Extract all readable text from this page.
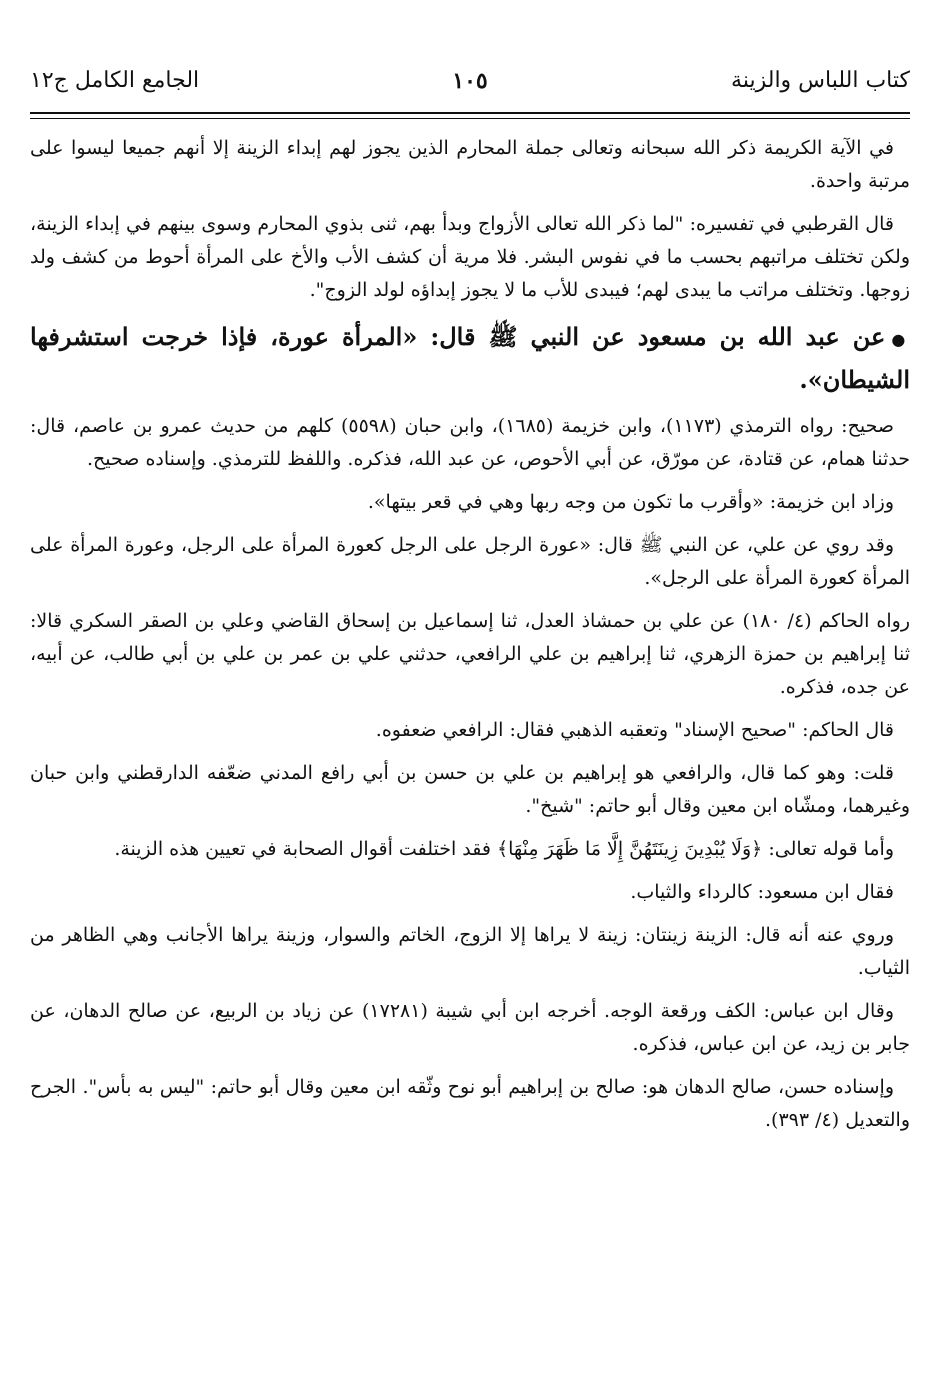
كتاب اللباس والزينة
١٠٥
الجامع الكامل ج١٢

في الآية الكريمة ذكر الله سبحانه وتعالى جملة المحارم الذين يجوز لهم إبداء الزينة إلا أنهم جميعا ليسوا على مرتبة واحدة.

قال القرطبي في تفسيره: "لما ذكر الله تعالى الأزواج وبدأ بهم، ثنى بذوي المحارم وسوى بينهم في إبداء الزينة، ولكن تختلف مراتبهم بحسب ما في نفوس البشر. فلا مرية أن كشف الأب والأخ على المرأة أحوط من كشف ولد زوجها. وتختلف مراتب ما يبدى لهم؛ فيبدى للأب ما لا يجوز إبداؤه لولد الزوج".

●عن عبد الله بن مسعود عن النبي ﷺ قال: «المرأة عورة، فإذا خرجت استشرفها الشيطان».

صحيح: رواه الترمذي (١١٧٣)، وابن خزيمة (١٦٨٥)، وابن حبان (٥٥٩٨) كلهم من حديث عمرو بن عاصم، قال: حدثنا همام، عن قتادة، عن مورّق، عن أبي الأحوص، عن عبد الله، فذكره. واللفظ للترمذي. وإسناده صحيح.

وزاد ابن خزيمة: «وأقرب ما تكون من وجه ربها وهي في قعر بيتها».

وقد روي عن علي، عن النبي ﷺ قال: «عورة الرجل على الرجل كعورة المرأة على الرجل، وعورة المرأة على المرأة كعورة المرأة على الرجل».

رواه الحاكم (٤/ ١٨٠) عن علي بن حمشاذ العدل، ثنا إسماعيل بن إسحاق القاضي وعلي بن الصقر السكري قالا: ثنا إبراهيم بن حمزة الزهري، ثنا إبراهيم بن علي الرافعي، حدثني علي بن عمر بن علي بن أبي طالب، عن أبيه، عن جده، فذكره.

قال الحاكم: "صحيح الإسناد" وتعقبه الذهبي فقال: الرافعي ضعفوه.

قلت: وهو كما قال، والرافعي هو إبراهيم بن علي بن حسن بن أبي رافع المدني ضعّفه الدارقطني وابن حبان وغيرهما، ومشّاه ابن معين وقال أبو حاتم: "شيخ".

وأما قوله تعالى: ﴿وَلَا يُبْدِينَ زِينَتَهُنَّ إِلَّا مَا ظَهَرَ مِنْهَا﴾ فقد اختلفت أقوال الصحابة في تعيين هذه الزينة.

فقال ابن مسعود: كالرداء والثياب.

وروي عنه أنه قال: الزينة زينتان: زينة لا يراها إلا الزوج، الخاتم والسوار، وزينة يراها الأجانب وهي الظاهر من الثياب.

وقال ابن عباس: الكف ورقعة الوجه. أخرجه ابن أبي شيبة (١٧٢٨١) عن زياد بن الربيع، عن صالح الدهان، عن جابر بن زيد، عن ابن عباس، فذكره.

وإسناده حسن، صالح الدهان هو: صالح بن إبراهيم أبو نوح وثّقه ابن معين وقال أبو حاتم: "ليس به بأس". الجرح والتعديل (٤/ ٣٩٣).
